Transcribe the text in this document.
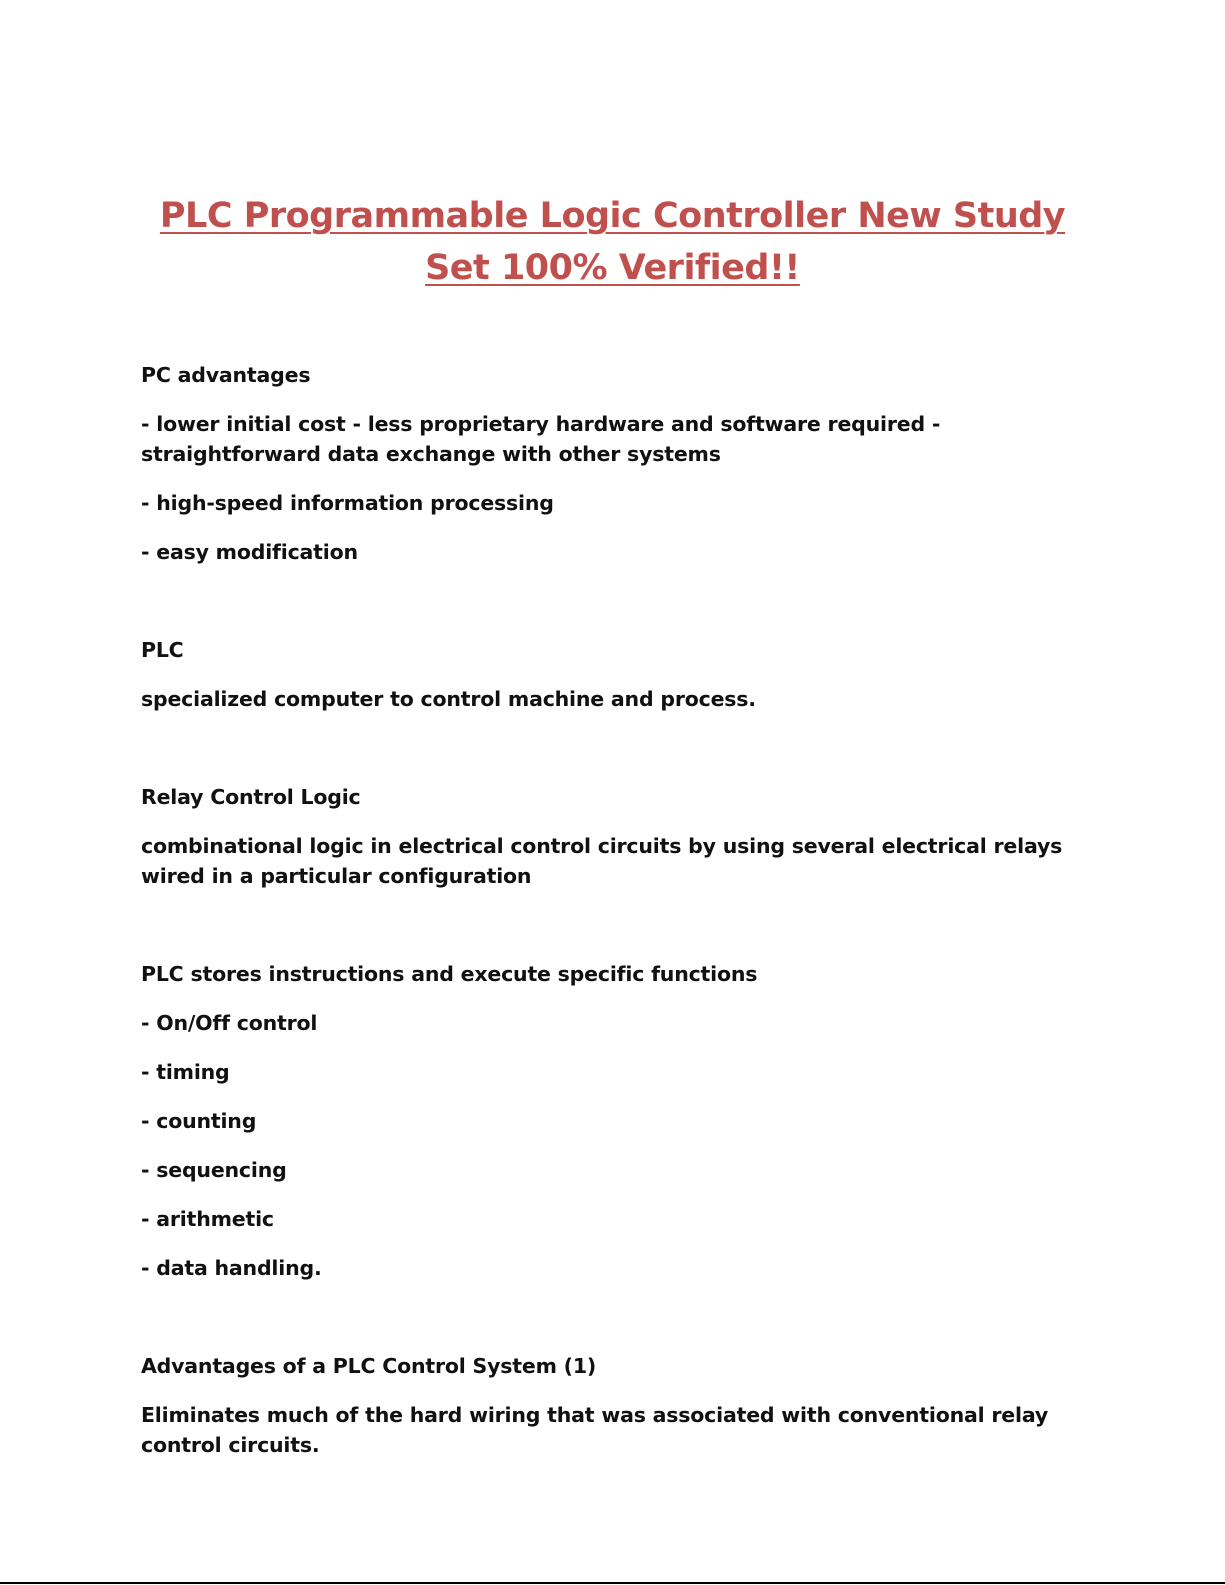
PLC Programmable Logic Controller New Study
Set 100% Verified!!

PC advantages

- lower initial cost - less proprietary hardware and software required - straightforward data exchange with other systems

- high-speed information processing

- easy modification

PLC

specialized computer to control machine and process.

Relay Control Logic

combinational logic in electrical control circuits by using several electrical relays wired in a particular configuration

PLC stores instructions and execute specific functions

- On/Off control

- timing

- counting

- sequencing

- arithmetic

- data handling.

Advantages of a PLC Control System (1)

Eliminates much of the hard wiring that was associated with conventional relay control circuits.
